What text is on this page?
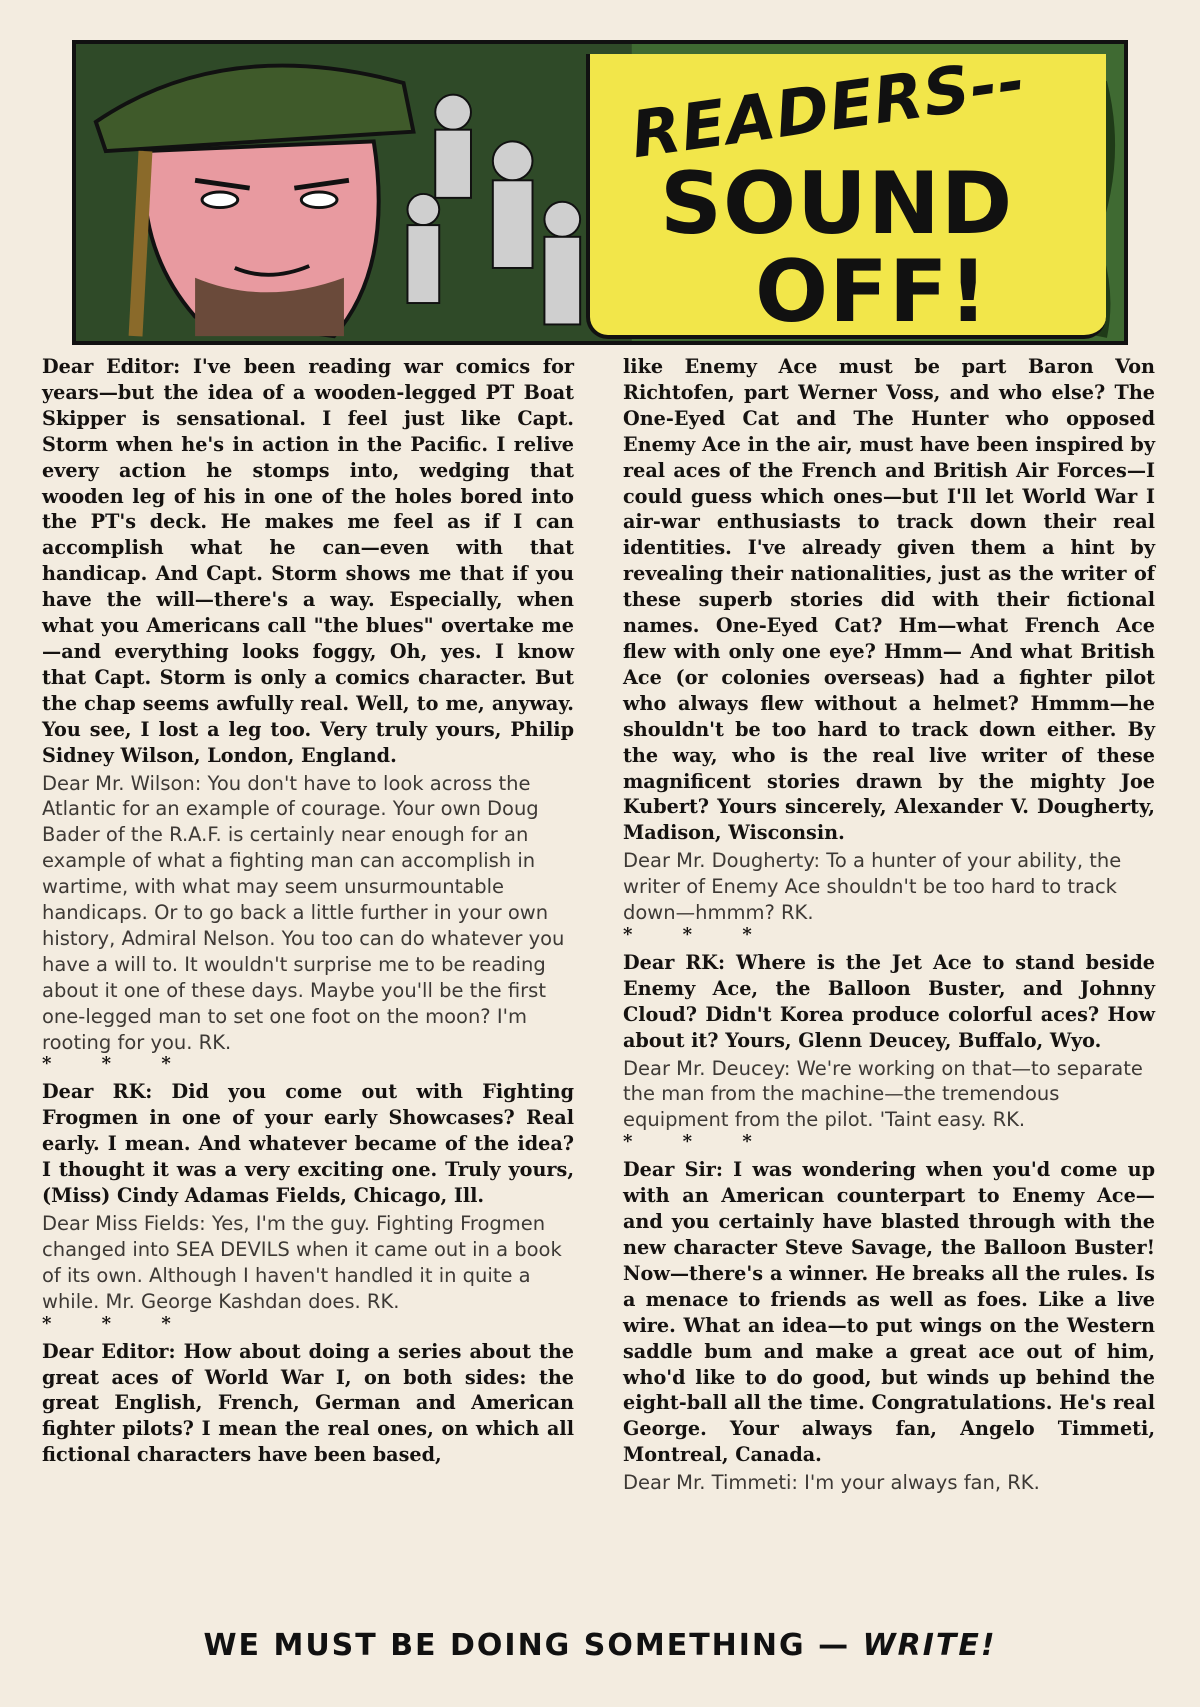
READERS--
SOUND
OFF!

Dear Editor: I've been reading war comics for years—but the idea of a wooden-legged PT Boat Skipper is sensational. I feel just like Capt. Storm when he's in action in the Pacific. I relive every action he stomps into, wedging that wooden leg of his in one of the holes bored into the PT's deck. He makes me feel as if I can accomplish what he can—even with that handicap. And Capt. Storm shows me that if you have the will—there's a way. Especially, when what you Americans call "the blues" overtake me—and everything looks foggy, Oh, yes. I know that Capt. Storm is only a comics character. But the chap seems awfully real. Well, to me, anyway. You see, I lost a leg too. Very truly yours, Philip Sidney Wilson, London, England.

Dear Mr. Wilson: You don't have to look across the Atlantic for an example of courage. Your own Doug Bader of the R.A.F. is certainly near enough for an example of what a fighting man can accomplish in wartime, with what may seem unsurmountable handicaps. Or to go back a little further in your own history, Admiral Nelson. You too can do whatever you have a will to. It wouldn't surprise me to be reading about it one of these days. Maybe you'll be the first one-legged man to set one foot on the moon? I'm rooting for you. RK.

* * *

Dear RK: Did you come out with Fighting Frogmen in one of your early Showcases? Real early. I mean. And whatever became of the idea? I thought it was a very exciting one. Truly yours, (Miss) Cindy Adamas Fields, Chicago, Ill.

Dear Miss Fields: Yes, I'm the guy. Fighting Frogmen changed into SEA DEVILS when it came out in a book of its own. Although I haven't handled it in quite a while. Mr. George Kashdan does. RK.

* * *

Dear Editor: How about doing a series about the great aces of World War I, on both sides: the great English, French, German and American fighter pilots? I mean the real ones, on which all fictional characters have been based,

like Enemy Ace must be part Baron Von Richtofen, part Werner Voss, and who else? The One-Eyed Cat and The Hunter who opposed Enemy Ace in the air, must have been inspired by real aces of the French and British Air Forces—I could guess which ones—but I'll let World War I air-war enthusiasts to track down their real identities. I've already given them a hint by revealing their nationalities, just as the writer of these superb stories did with their fictional names. One-Eyed Cat? Hm—what French Ace flew with only one eye? Hmm— And what British Ace (or colonies overseas) had a fighter pilot who always flew without a helmet? Hmmm—he shouldn't be too hard to track down either. By the way, who is the real live writer of these magnificent stories drawn by the mighty Joe Kubert? Yours sincerely, Alexander V. Dougherty, Madison, Wisconsin.

Dear Mr. Dougherty: To a hunter of your ability, the writer of Enemy Ace shouldn't be too hard to track down—hmmm? RK.

* * *

Dear RK: Where is the Jet Ace to stand beside Enemy Ace, the Balloon Buster, and Johnny Cloud? Didn't Korea produce colorful aces? How about it? Yours, Glenn Deucey, Buffalo, Wyo.

Dear Mr. Deucey: We're working on that—to separate the man from the machine—the tremendous equipment from the pilot. 'Taint easy. RK.

* * *

Dear Sir: I was wondering when you'd come up with an American counterpart to Enemy Ace—and you certainly have blasted through with the new character Steve Savage, the Balloon Buster! Now—there's a winner. He breaks all the rules. Is a menace to friends as well as foes. Like a live wire. What an idea—to put wings on the Western saddle bum and make a great ace out of him, who'd like to do good, but winds up behind the eight-ball all the time. Congratulations. He's real George. Your always fan, Angelo Timmeti, Montreal, Canada.

Dear Mr. Timmeti: I'm your always fan, RK.

WE MUST BE DOING SOMETHING — WRITE!
